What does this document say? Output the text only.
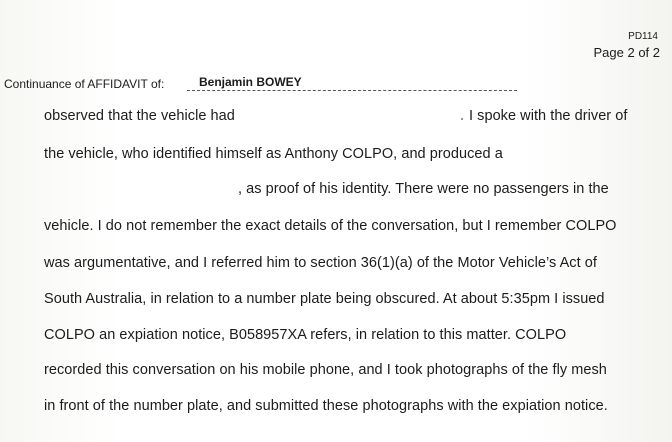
PD114
Page 2 of 2
Continuance of AFFIDAVIT of:	Benjamin BOWEY
observed that the vehicle had	I spoke with the driver of
the vehicle, who identified himself as Anthony COLPO, and produced a
, as proof of his identity. There were no passengers in the
vehicle. I do not remember the exact details of the conversation, but I remember COLPO
was argumentative, and I referred him to section 36(1)(a) of the Motor Vehicle’s Act of
South Australia, in relation to a number plate being obscured. At about 5:35pm I issued
COLPO an expiation notice, B058957XA refers, in relation to this matter. COLPO
recorded this conversation on his mobile phone, and I took photographs of the fly mesh
in front of the number plate, and submitted these photographs with the expiation notice.
